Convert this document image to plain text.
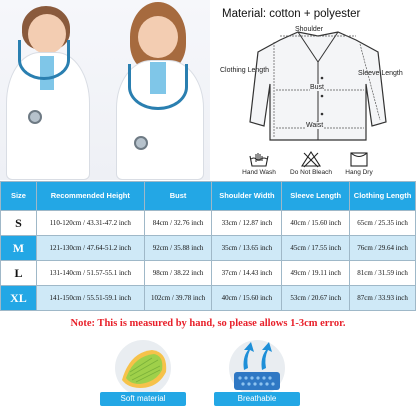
Material: cotton + polyester
Shoulder
Clothing Length	Sleeve Length
Bust
Waist
Hand Wash	Do Not Bleach	Hang Dry
Size	Recommended Height	Bust	Shoulder Width	Sleeve Length	Clothing Length
S	110-120cm / 43.31-47.2 inch	84cm / 32.76 inch	33cm / 12.87 inch	40cm / 15.60 inch	65cm / 25.35 inch
M	121-130cm / 47.64-51.2 inch	92cm / 35.88 inch	35cm / 13.65 inch	45cm / 17.55 inch	76cm / 29.64 inch
L	131-140cm / 51.57-55.1 inch	98cm / 38.22 inch	37cm / 14.43 inch	49cm / 19.11 inch	81cm / 31.59 inch
XL	141-150cm / 55.51-59.1 inch	102cm / 39.78 inch	40cm / 15.60 inch	53cm / 20.67 inch	87cm / 33.93 inch
Note: This is measured by hand, so please allows 1-3cm error.
Soft material	Breathable
